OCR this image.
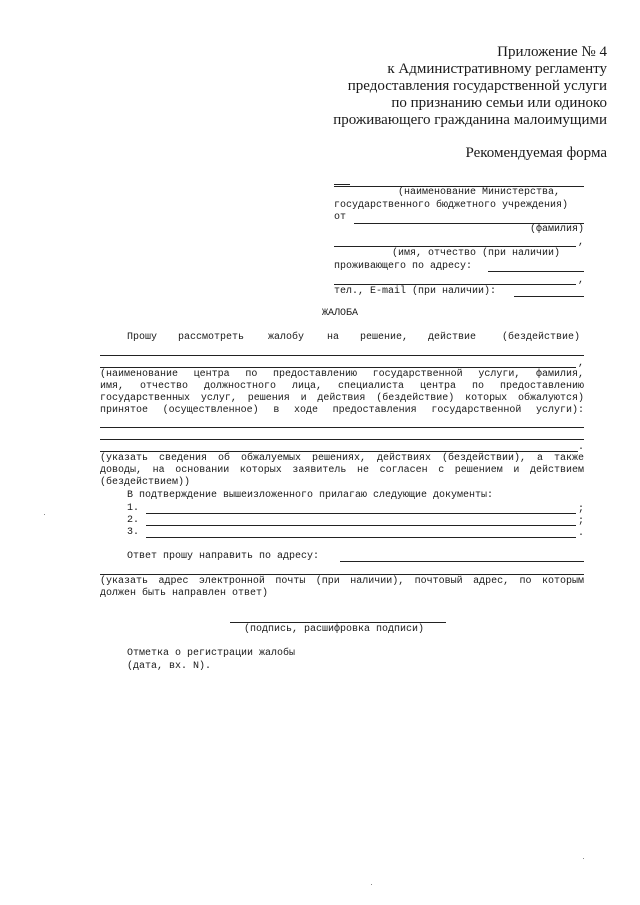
Приложение № 4
к Административному регламенту
предоставления государственной услуги
по признанию семьи или одиноко
проживающего гражданина малоимущими
Рекомендуемая форма
(наименование Министерства,
государственного бюджетного учреждения)
от
(фамилия)
,
(имя, отчество (при наличии)
проживающего по адресу:
,
тел., E-mail (при наличии):
ЖАЛОБА
Прошу рассмотреть жалобу на решение, действие	(бездействие)
,
(наименование центра по предоставлению государственной услуги, фамилия,
имя, отчество должностного лица, специалиста центра по предоставлению
государственных услуг, решения и действия (бездействие) которых обжалуются)
принятое (осуществленное) в ходе предоставления государственной услуги):
.
(указать сведения об обжалуемых решениях, действиях (бездействии), а также
доводы, на основании которых заявитель не согласен с решением и действием
(бездействием))
В подтверждение вышеизложенного прилагаю следующие документы:
1.	;
2.	;
3.	.
Ответ прошу направить по адресу:
(указать адрес электронной почты (при наличии), почтовый адрес, по которым
должен быть направлен ответ)
(подпись, расшифровка подписи)
Отметка о регистрации жалобы
(дата, вх. N).
